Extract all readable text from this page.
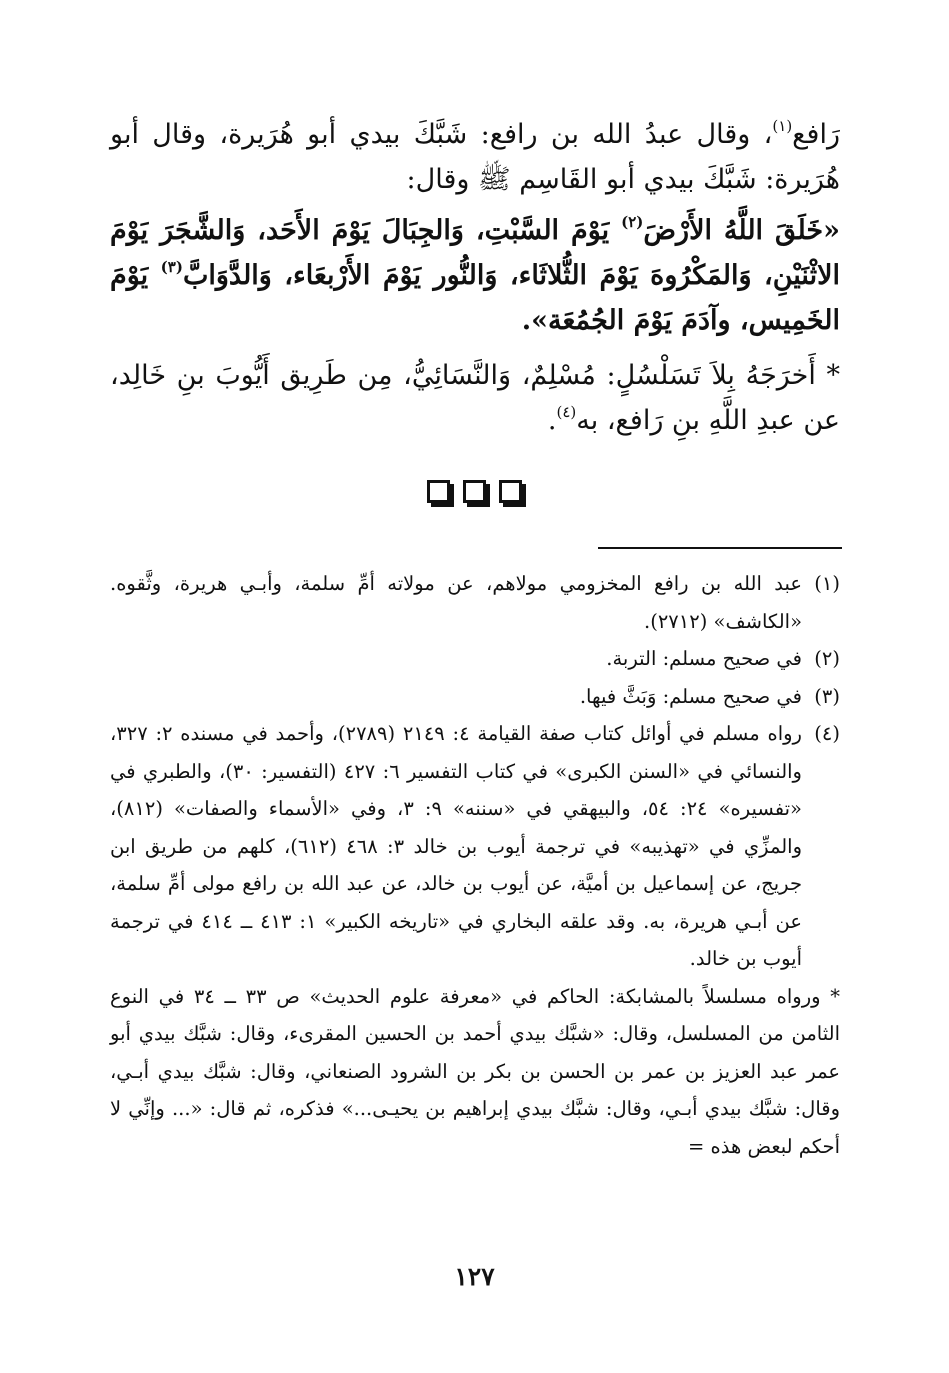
رَافع$^{(١)}$، وقال عبدُ الله بن رافع: شَبَّكَ بيدي أبو هُرَيرة، وقال أبو هُرَيرة: شَبَّكَ بيدي أبو القَاسِم ﷺ وقال:

«خَلَقَ اللَّهُ الأَرْضَ$^{(٢)}$ يَوْمَ السَّبْتِ، وَالجِبَالَ يَوْمَ الأَحَد، وَالشَّجَرَ يَوْمَ الاثْنَيْنِ، وَالمَكْرُوهَ يَوْمَ الثُّلاثَاء، وَالنُّور يَوْمَ الأَرْبعَاء، وَالدَّوَابَّ$^{(٣)}$ يَوْمَ الخَمِيس، وآدَمَ يَوْمَ الجُمُعَة».

* أَخرَجَهُ بِلاَ تَسَلْسُلٍ: مُسْلِمٌ، وَالنَّسَائِيُّ، مِن طَرِيق أَيُّوبَ بنِ خَالِد، عن عبدِ اللَّهِ بنِ رَافع، به$^{(٤)}$.

(١)
عبد الله بن رافع المخزومي مولاهم، عن مولاته أمِّ سلمة، وأبـي هريرة، وثَّقوه. «الكاشف» (٢٧١٢).
(٢)
في صحيح مسلم: التربة.
(٣)
في صحيح مسلم: وَبَثَّ فيها.
(٤)
رواه مسلم في أوائل كتاب صفة القيامة ٤: ٢١٤٩ (٢٧٨٩)، وأحمد في مسنده ٢: ٣٢٧، والنسائي في «السنن الكبرى» في كتاب التفسير ٦: ٤٢٧ (التفسير: ٣٠)، والطبري في «تفسيره» ٢٤: ٥٤، والبيهقي في «سننه» ٩: ٣، وفي «الأسماء والصفات» (٨١٢)، والمزِّي في «تهذيبه» في ترجمة أيوب بن خالد ٣: ٤٦٨ (٦١٢)، كلهم من طريق ابن جريج، عن إسماعيل بن أميَّة، عن أيوب بن خالد، عن عبد الله بن رافع مولى أمِّ سلمة، عن أبـي هريرة، به. وقد علقه البخاري في «تاريخه الكبير» ١: ٤١٣ ــ ٤١٤ في ترجمة أيوب بن خالد.

* ورواه مسلسلاً بالمشابكة: الحاكم في «معرفة علوم الحديث» ص ٣٣ ــ ٣٤ في النوع الثامن من المسلسل، وقال: «شبَّك بيدي أحمد بن الحسين المقرىء، وقال: شبَّك بيدي أبو عمر عبد العزيز بن عمر بن الحسن بن بكر بن الشرود الصنعاني، وقال: شبَّك بيدي أبـي، وقال: شبَّك بيدي أبـي، وقال: شبَّك بيدي إبراهيم بن يحيـى...» فذكره، ثم قال: «... وإنِّي لا أحكم لبعض هذه =

١٢٧
